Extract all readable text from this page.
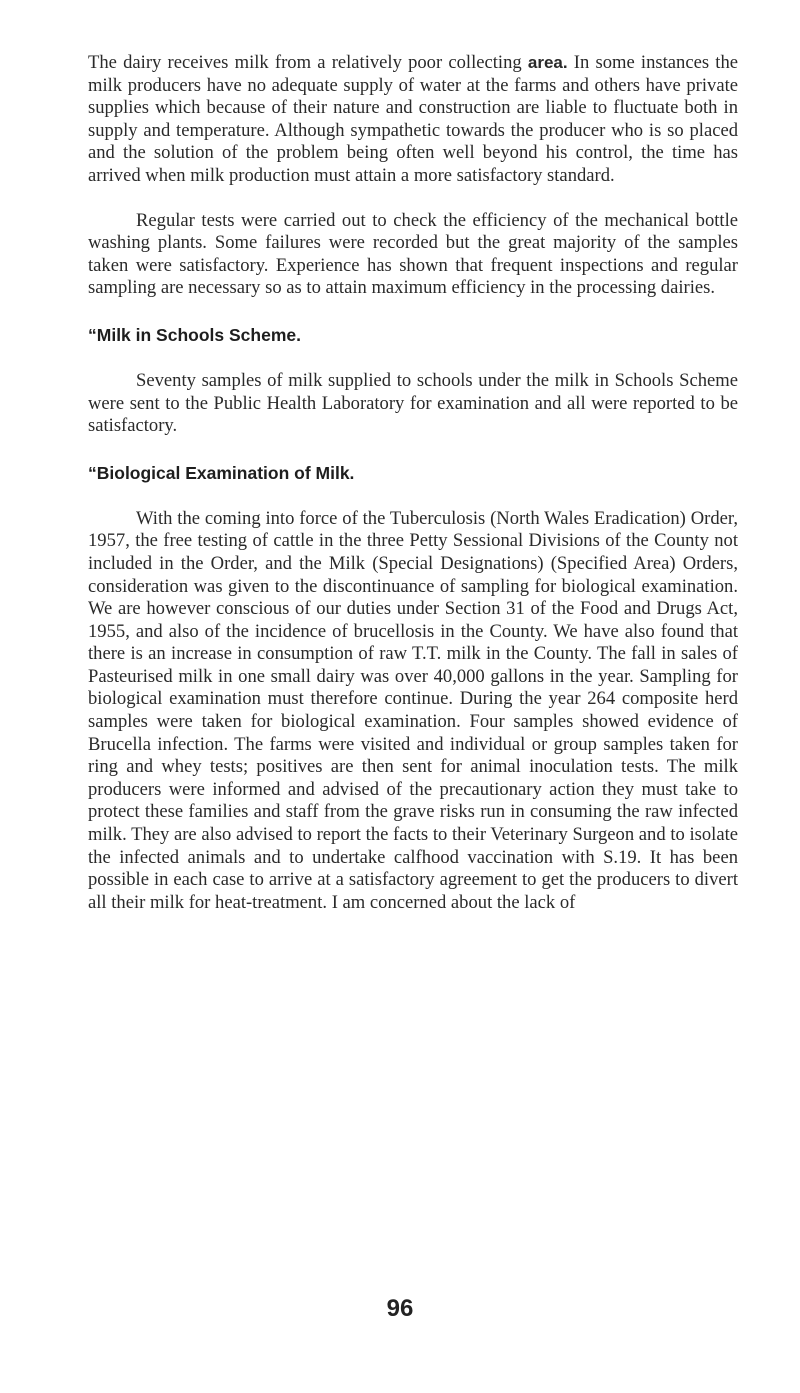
The dairy receives milk from a relatively poor collecting area. In some instances the milk producers have no adequate supply of water at the farms and others have private supplies which because of their nature and construction are liable to fluctuate both in supply and temperature. Although sympathetic towards the producer who is so placed and the solution of the problem being often well beyond his control, the time has arrived when milk production must attain a more satisfactory standard.

Regular tests were carried out to check the efficiency of the mechanical bottle washing plants. Some failures were recorded but the great majority of the samples taken were satisfactory. Experience has shown that frequent inspections and regular sampling are necessary so as to attain maximum efficiency in the processing dairies.

“Milk in Schools Scheme.

Seventy samples of milk supplied to schools under the milk in Schools Scheme were sent to the Public Health Laboratory for examination and all were reported to be satisfactory.

“Biological Examination of Milk.

With the coming into force of the Tuberculosis (North Wales Eradication) Order, 1957, the free testing of cattle in the three Petty Sessional Divisions of the County not included in the Order, and the Milk (Special Designations) (Specified Area) Orders, consideration was given to the discontinuance of sampling for biological examination. We are however conscious of our duties under Section 31 of the Food and Drugs Act, 1955, and also of the incidence of brucellosis in the County. We have also found that there is an increase in consumption of raw T.T. milk in the County. The fall in sales of Pasteurised milk in one small dairy was over 40,000 gallons in the year. Sampling for biological examination must therefore continue. During the year 264 composite herd samples were taken for biological examination. Four samples showed evidence of Brucella infection. The farms were visited and individual or group samples taken for ring and whey tests; positives are then sent for animal inoculation tests. The milk producers were informed and advised of the precautionary action they must take to protect these families and staff from the grave risks run in consuming the raw infected milk. They are also advised to report the facts to their Veterinary Surgeon and to isolate the infected animals and to undertake calfhood vaccination with S.19. It has been possible in each case to arrive at a satisfactory agreement to get the producers to divert all their milk for heat-treatment. I am concerned about the lack of

96
